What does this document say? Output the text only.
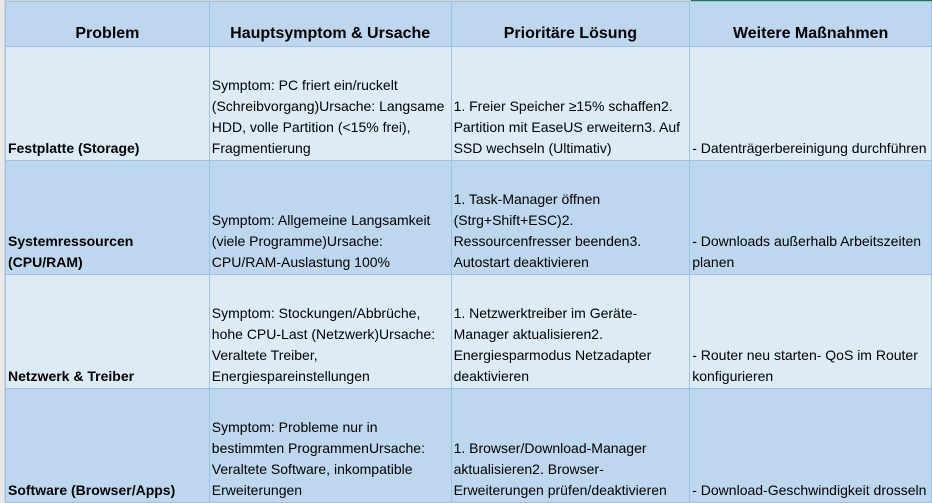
Problem	Hauptsymptom & Ursache	Prioritäre Lösung	Weitere Maßnahmen
Festplatte (Storage)	Symptom: PC friert ein/ruckelt (Schreibvorgang)Ursache: Langsame HDD, volle Partition (<15% frei), Fragmentierung	1. Freier Speicher ≥15% schaffen2. Partition mit EaseUS erweitern3. Auf SSD wechseln (Ultimativ)	- Datenträgerbereinigung durchführen
Systemressourcen (CPU/RAM)	Symptom: Allgemeine Langsamkeit (viele Programme)Ursache: CPU/RAM-Auslastung 100%	1. Task-Manager öffnen (Strg+Shift+ESC)2. Ressourcenfresser beenden3. Autostart deaktivieren	- Downloads außerhalb Arbeitszeiten planen
Netzwerk & Treiber	Symptom: Stockungen/Abbrüche, hohe CPU-Last (Netzwerk)Ursache: Veraltete Treiber, Energiespareinstellungen	1. Netzwerktreiber im Geräte-Manager aktualisieren2. Energiesparmodus Netzadapter deaktivieren	- Router neu starten- QoS im Router konfigurieren
Software (Browser/Apps)	Symptom: Probleme nur in bestimmten ProgrammenUrsache: Veraltete Software, inkompatible Erweiterungen	1. Browser/Download-Manager aktualisieren2. Browser-Erweiterungen prüfen/deaktivieren	- Download-Geschwindigkeit drosseln
